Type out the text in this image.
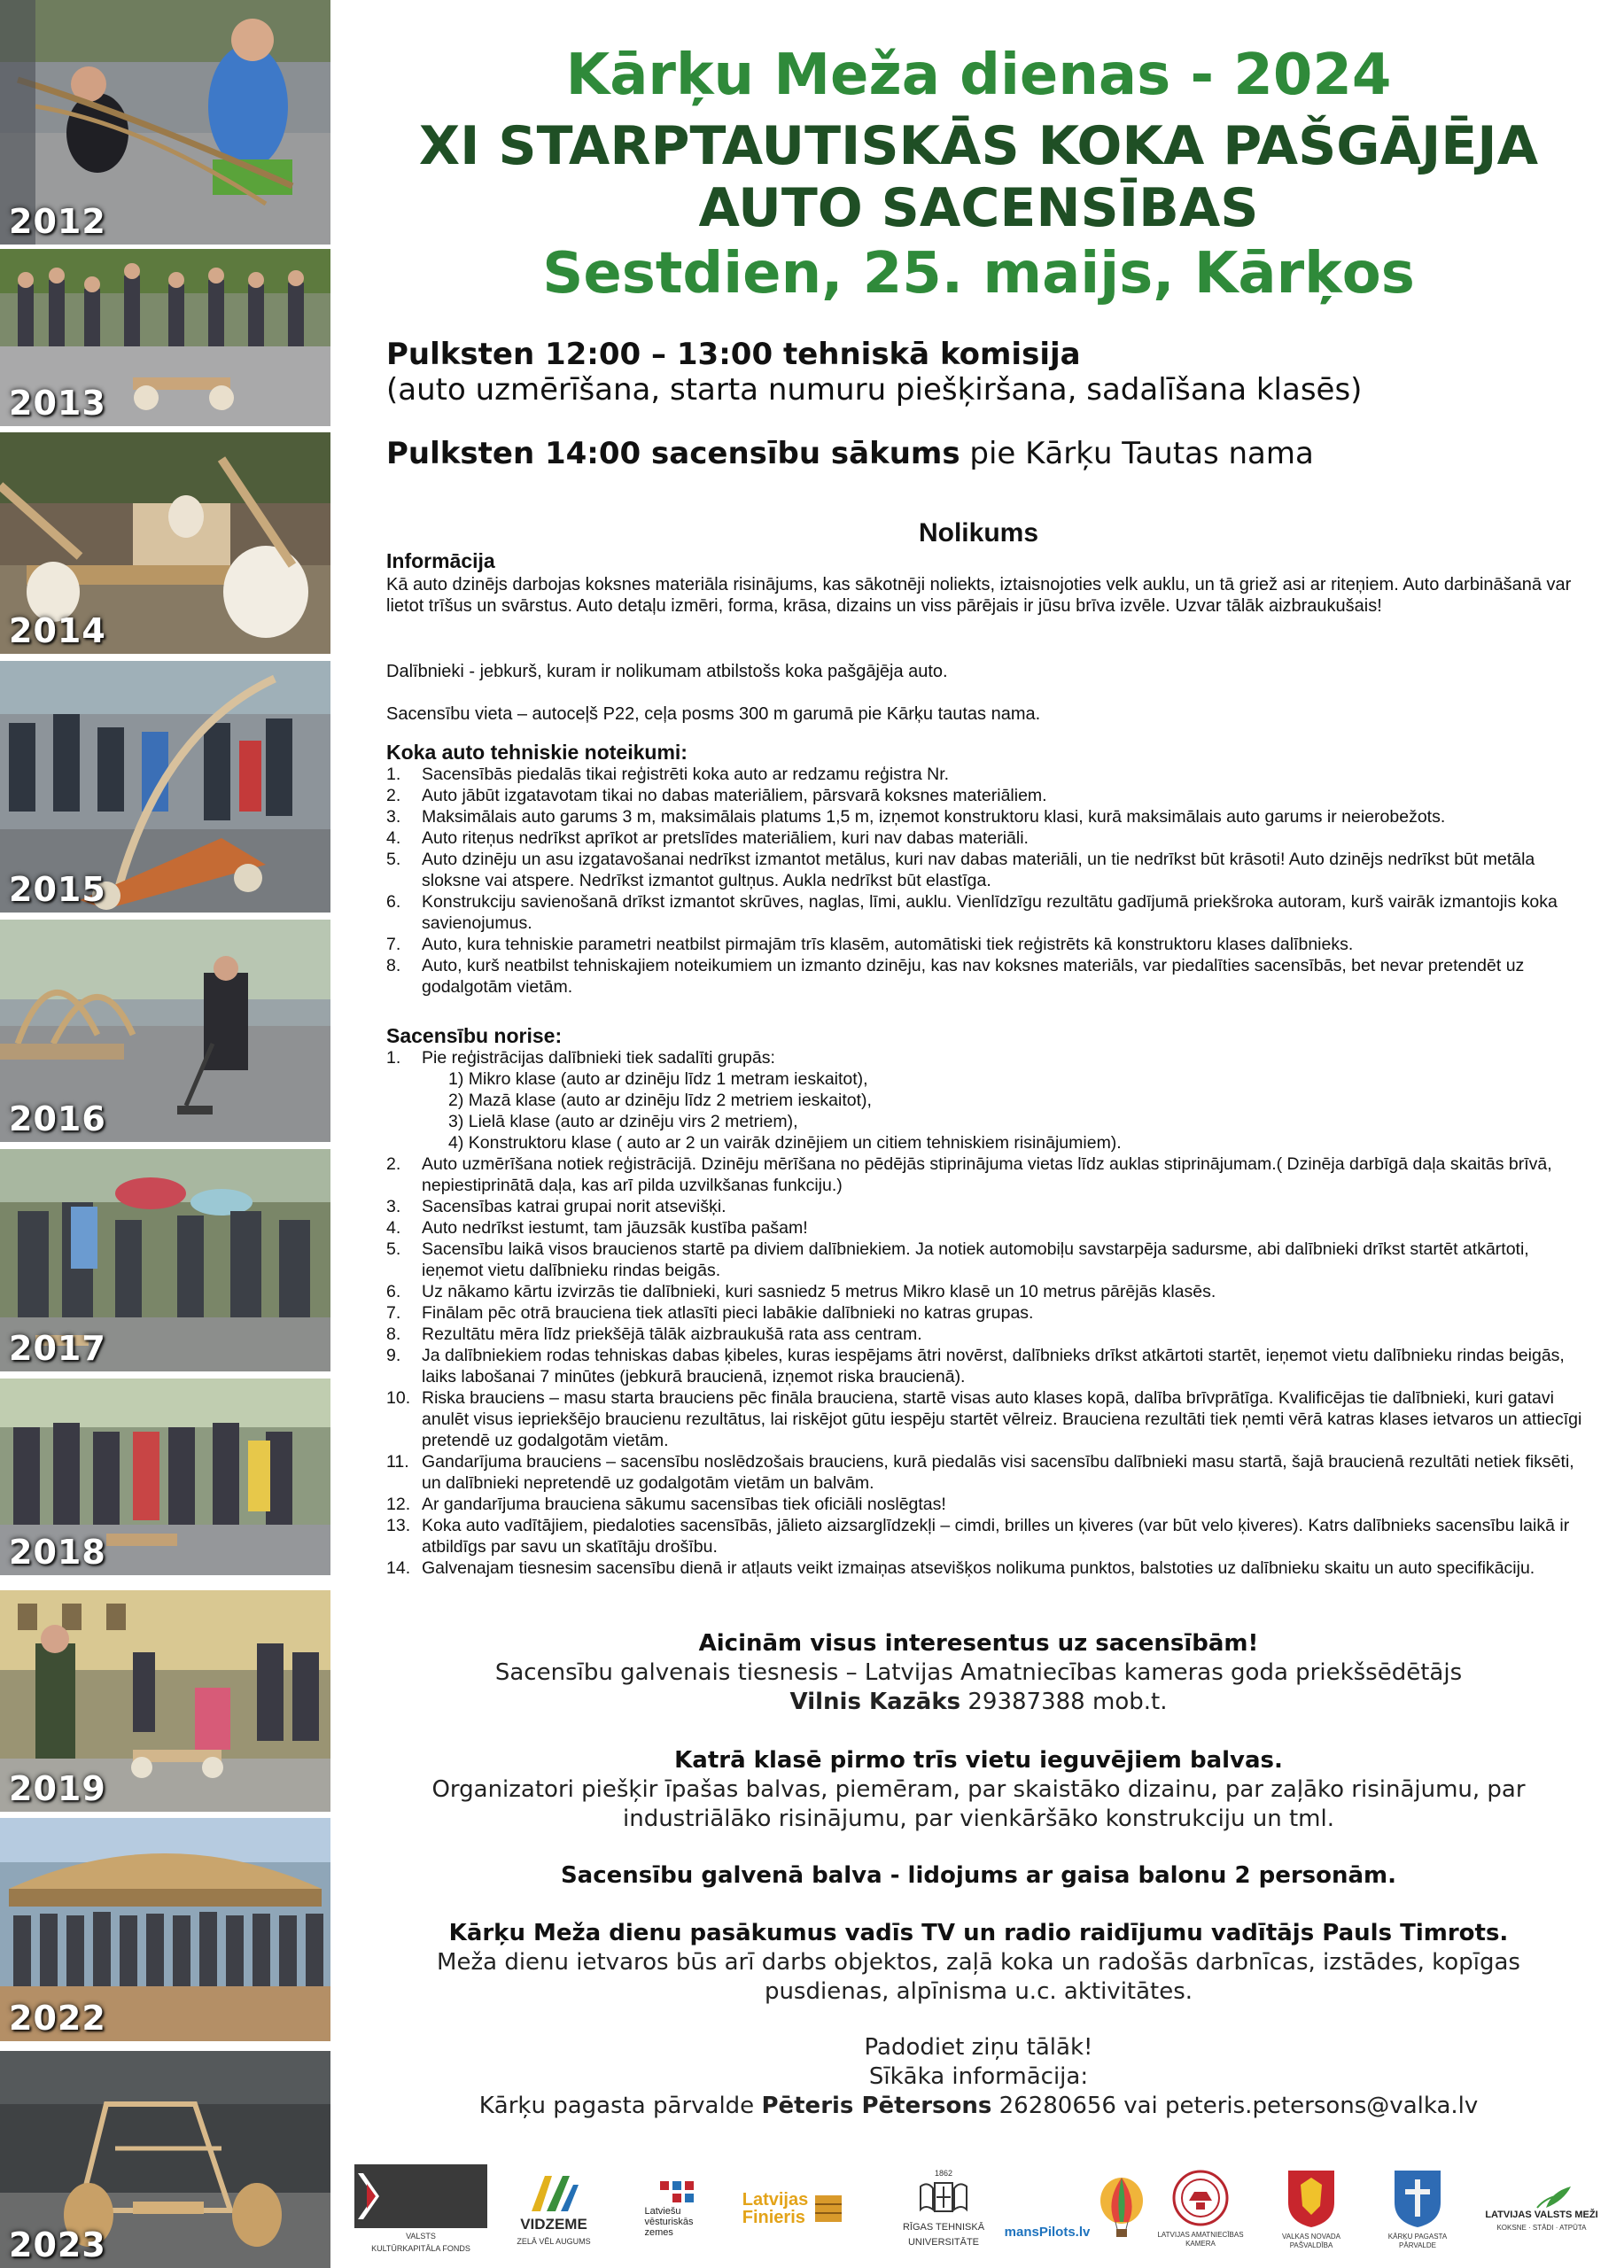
2012
2013
2014
2015
2016
2017
2018
2019
2022
2023
Kārķu Meža dienas - 2024
XI STARPTAUTISKĀS KOKA PAŠGĀJĒJA
AUTO SACENSĪBAS
Sestdien, 25. maijs, Kārķos
Pulksten 12:00 – 13:00 tehniskā komisija
(auto uzmērīšana, starta numuru piešķiršana, sadalīšana klasēs)
Pulksten 14:00 sacensību sākums pie Kārķu Tautas nama
Nolikums
Informācija
Kā auto dzinējs darbojas koksnes materiāla risinājums, kas sākotnēji noliekts, iztaisnojoties velk auklu, un tā griež asi ar riteņiem. Auto darbināšanā var lietot trīšus un svārstus. Auto detaļu izmēri, forma, krāsa, dizains un viss pārējais ir jūsu brīva izvēle. Uzvar tālāk aizbraukušais!
Dalībnieki - jebkurš, kuram ir nolikumam atbilstošs koka pašgājēja auto.
Sacensību vieta – autoceļš P22, ceļa posms 300 m garumā pie Kārķu tautas nama.
Koka auto tehniskie noteikumi:
1. Sacensībās piedalās tikai reģistrēti koka auto ar redzamu reģistra Nr.
2. Auto jābūt izgatavotam tikai no dabas materiāliem, pārsvarā koksnes materiāliem.
3. Maksimālais auto garums 3 m, maksimālais platums 1,5 m, izņemot konstruktoru klasi, kurā maksimālais auto garums ir neierobežots.
4. Auto riteņus nedrīkst aprīkot ar pretslīdes materiāliem, kuri nav dabas materiāli.
5. Auto dzinēju un asu izgatavošanai nedrīkst izmantot metālus, kuri nav dabas materiāli, un tie nedrīkst būt krāsoti! Auto dzinējs nedrīkst būt metāla sloksne vai atspere. Nedrīkst izmantot gultņus. Aukla nedrīkst būt elastīga.
6. Konstrukciju savienošanā drīkst izmantot skrūves, naglas, līmi, auklu. Vienlīdzīgu rezultātu gadījumā priekšroka autoram, kurš vairāk izmantojis koka savienojumus.
7. Auto, kura tehniskie parametri neatbilst pirmajām trīs klasēm, automātiski tiek reģistrēts kā konstruktoru klases dalībnieks.
8. Auto, kurš neatbilst tehniskajiem noteikumiem un izmanto dzinēju, kas nav koksnes materiāls, var piedalīties sacensībās, bet nevar pretendēt uz godalgotām vietām.
Sacensību norise:
1. Pie reģistrācijas dalībnieki tiek sadalīti grupās:
1) Mikro klase (auto ar dzinēju līdz 1 metram ieskaitot),
2) Mazā klase (auto ar dzinēju līdz 2 metriem ieskaitot),
3) Lielā klase (auto ar dzinēju virs 2 metriem),
4) Konstruktoru klase ( auto ar 2 un vairāk dzinējiem un citiem tehniskiem risinājumiem).
2. Auto uzmērīšana notiek reģistrācijā. Dzinēju mērīšana no pēdējās stiprinājuma vietas līdz auklas stiprinājumam.( Dzinēja darbīgā daļa skaitās brīvā, nepiestiprinātā daļa, kas arī pilda uzvilkšanas funkciju.)
3. Sacensības katrai grupai norit atsevišķi.
4. Auto nedrīkst iestumt, tam jāuzsāk kustība pašam!
5. Sacensību laikā visos braucienos startē pa diviem dalībniekiem. Ja notiek automobiļu savstarpēja sadursme, abi dalībnieki drīkst startēt atkārtoti, ieņemot vietu dalībnieku rindas beigās.
6. Uz nākamo kārtu izvirzās tie dalībnieki, kuri sasniedz 5 metrus Mikro klasē un 10 metrus pārējās klasēs.
7. Finālam pēc otrā brauciena tiek atlasīti pieci labākie dalībnieki no katras grupas.
8. Rezultātu mēra līdz priekšējā tālāk aizbraukušā rata ass centram.
9. Ja dalībniekiem rodas tehniskas dabas ķibeles, kuras iespējams ātri novērst, dalībnieks drīkst atkārtoti startēt, ieņemot vietu dalībnieku rindas beigās, laiks labošanai 7 minūtes (jebkurā braucienā, izņemot riska braucienā).
10. Riska brauciens – masu starta brauciens pēc fināla brauciena, startē visas auto klases kopā, dalība brīvprātīga. Kvalificējas tie dalībnieki, kuri gatavi anulēt visus iepriekšējo braucienu rezultātus, lai riskējot gūtu iespēju startēt vēlreiz. Brauciena rezultāti tiek ņemti vērā katras klases ietvaros un attiecīgi pretendē uz godalgotām vietām.
11. Gandarījuma brauciens – sacensību noslēdzošais brauciens, kurā piedalās visi sacensību dalībnieki masu startā, šajā braucienā rezultāti netiek fiksēti, un dalībnieki nepretendē uz godalgotām vietām un balvām.
12. Ar gandarījuma brauciena sākumu sacensības tiek oficiāli noslēgtas!
13. Koka auto vadītājiem, piedaloties sacensībās, jālieto aizsarglīdzekļi – cimdi, brilles un ķiveres (var būt velo ķiveres). Katrs dalībnieks sacensību laikā ir atbildīgs par savu un skatītāju drošību.
14. Galvenajam tiesnesim sacensību dienā ir atļauts veikt izmaiņas atsevišķos nolikuma punktos, balstoties uz dalībnieku skaitu un auto specifikāciju.
Aicinām visus interesentus uz sacensībām!
Sacensību galvenais tiesnesis – Latvijas Amatniecības kameras goda priekšsēdētājs
Vilnis Kazāks 29387388 mob.t.
Katrā klasē pirmo trīs vietu ieguvējiem balvas.
Organizatori piešķir īpašas balvas, piemēram, par skaistāko dizainu, par zaļāko risinājumu, par
industriālāko risinājumu, par vienkāršāko konstrukciju un tml.
Sacensību galvenā balva - lidojums ar gaisa balonu 2 personām.
Kārķu Meža dienu pasākumus vadīs TV un radio raidījumu vadītājs Pauls Timrots.
Meža dienu ietvaros būs arī darbs objektos, zaļā koka un radošās darbnīcas, izstādes, kopīgas
pusdienas, alpīnisma u.c. aktivitātes.
Padodiet ziņu tālāk!
Sīkāka informācija:
Kārķu pagasta pārvalde Pēteris Pētersons 26280656 vai peteris.petersons@valka.lv
VALSTS
KULTŪRKAPITĀLA FONDS
VIDZEME
ZELĀ VĒL AUGUMS
Latviešu
vēsturiskās
zemes
Latvijas
Finieris
1862
RĪGAS TEHNISKĀ
UNIVERSITĀTE
mansPilots.lv	LATVIJAS AMATNIECĪBAS KAMERA
VALKAS NOVADA PAŠVALDĪBA
KĀRĶU PAGASTA PĀRVALDE
LATVIJAS VALSTS MEŽI
KOKSNE · STĀDI · ATPŪTA
